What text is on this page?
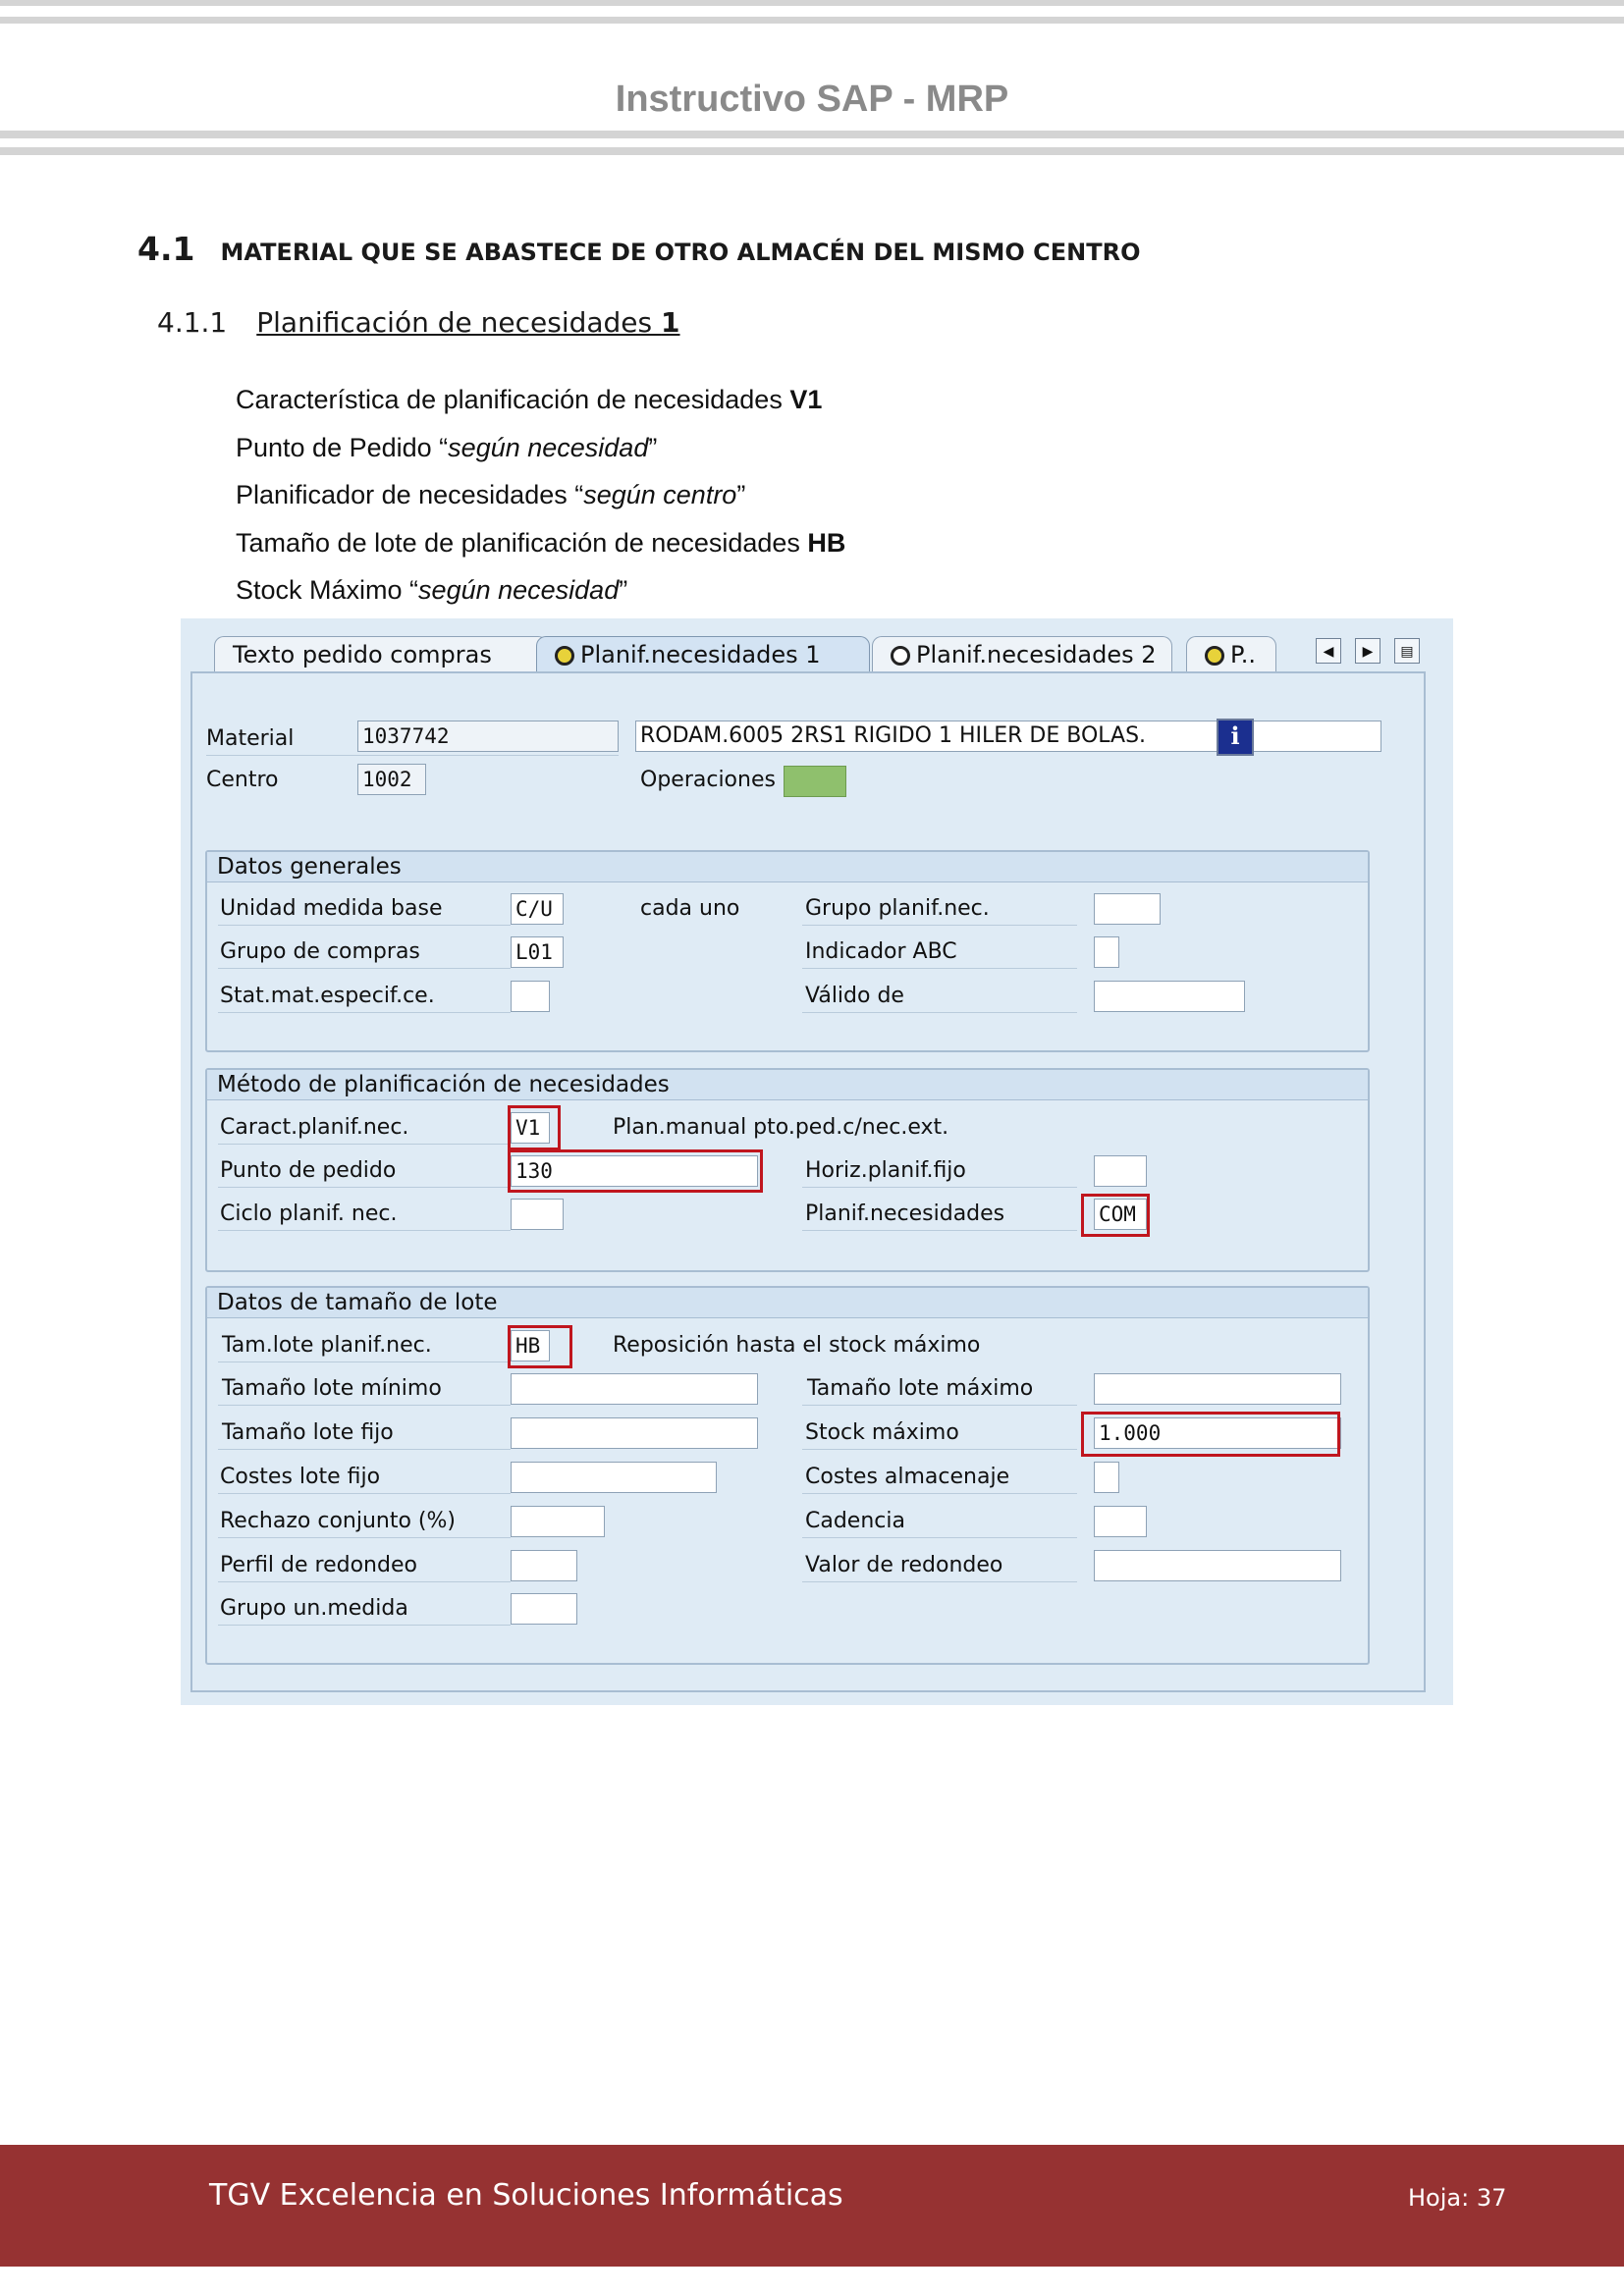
Instructivo SAP - MRP
4.1 MATERIAL QUE SE ABASTECE DE OTRO ALMACÉN DEL MISMO CENTRO
4.1.1 Planificación de necesidades 1
Característica de planificación de necesidades V1
Punto de Pedido “según necesidad”
Planificador de necesidades “según centro”
Tamaño de lote de planificación de necesidades HB
Stock Máximo “según necesidad”
Texto pedido compras	Planif.necesidades 1	Planif.necesidades 2	P..	◀	▶	▤
Material	1037742	RODAM.6005 2RS1 RIGIDO 1 HILER DE BOLAS.	i
Centro	1002	Operaciones
Datos generales
Unidad medida base	C/U	cada uno	Grupo planif.nec.
Grupo de compras	L01	Indicador ABC
Stat.mat.especif.ce.	Válido de
Método de planificación de necesidades
Caract.planif.nec.	V1	Plan.manual pto.ped.c/nec.ext.
Punto de pedido	130	Horiz.planif.fijo
Ciclo planif. nec.	Planif.necesidades	COM
Datos de tamaño de lote
Tam.lote planif.nec.	HB	Reposición hasta el stock máximo
Tamaño lote mínimo	Tamaño lote máximo
Tamaño lote fijo	Stock máximo	1.000
Costes lote fijo	Costes almacenaje
Rechazo conjunto (%)	Cadencia
Perfil de redondeo	Valor de redondeo
Grupo un.medida
TGV Excelencia en Soluciones Informáticas	Hoja: 37
